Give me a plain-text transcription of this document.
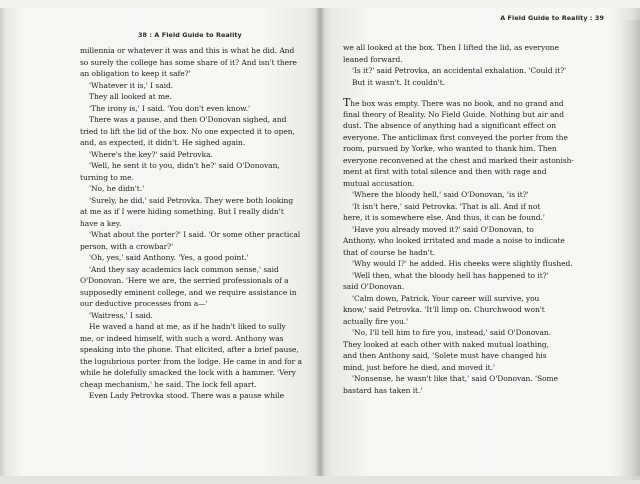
38 : A Field Guide to Reality
millennia or whatever it was and this is what he did. And
so surely the college has some share of it? And isn't there
an obligation to keep it safe?'
'Whatever it is,' I said.
They all looked at me.
'The irony is,' I said. 'You don't even know.'
There was a pause, and then O'Donovan sighed, and
tried to lift the lid of the box. No one expected it to open,
and, as expected, it didn't. He sighed again.
'Where's the key?' said Petrovka.
'Well, he sent it to you, didn't he?' said O'Donovan,
turning to me.
'No, he didn't.'
'Surely, he did,' said Petrovka. They were both looking
at me as if I were hiding something. But I really didn't
have a key.
'What about the porter?' I said. 'Or some other practical
person, with a crowbar?'
'Oh, yes,' said Anthony. 'Yes, a good point.'
'And they say academics lack common sense,' said
O'Donovan. 'Here we are, the serried professionals of a
supposedly eminent college, and we require assistance in
our deductive processes from a—'
'Waitress,' I said.
He waved a hand at me, as if he hadn't liked to sully
me, or indeed himself, with such a word. Anthony was
speaking into the phone. That elicited, after a brief pause,
the lugubrious porter from the lodge. He came in and for a
while he dolefully smacked the lock with a hammer. 'Very
cheap mechanism,' he said. The lock fell apart.
Even Lady Petrovka stood. There was a pause while
A Field Guide to Reality : 39
we all looked at the box. Then I lifted the lid, as everyone
leaned forward.
'Is it?' said Petrovka, an accidental exhalation. 'Could it?'
But it wasn't. It couldn't.
The box was empty. There was no book, and no grand and
final theory of Reality. No Field Guide. Nothing but air and
dust. The absence of anything had a significant effect on
everyone. The anticlimax first conveyed the porter from the
room, pursued by Yorke, who wanted to thank him. Then
everyone reconvened at the chest and marked their astonish-
ment at first with total silence and then with rage and
mutual accusation.
'Where the bloody hell,' said O'Donovan, 'is it?'
'It isn't here,' said Petrovka. 'That is all. And if not
here, it is somewhere else. And thus, it can be found.'
'Have you already moved it?' said O'Donovan, to
Anthony, who looked irritated and made a noise to indicate
that of course he hadn't.
'Why would I?' he added. His cheeks were slightly flushed.
'Well then, what the bloody hell has happened to it?'
said O'Donovan.
'Calm down, Patrick. Your career will survive, you
know,' said Petrovka. 'It'll limp on. Churchwood won't
actually fire you.'
'No, I'll tell him to fire you, instead,' said O'Donovan.
They looked at each other with naked mutual loathing,
and then Anthony said, 'Solete must have changed his
mind, just before he died, and moved it.'
'Nonsense, he wasn't like that,' said O'Donovan. 'Some
bastard has taken it.'
